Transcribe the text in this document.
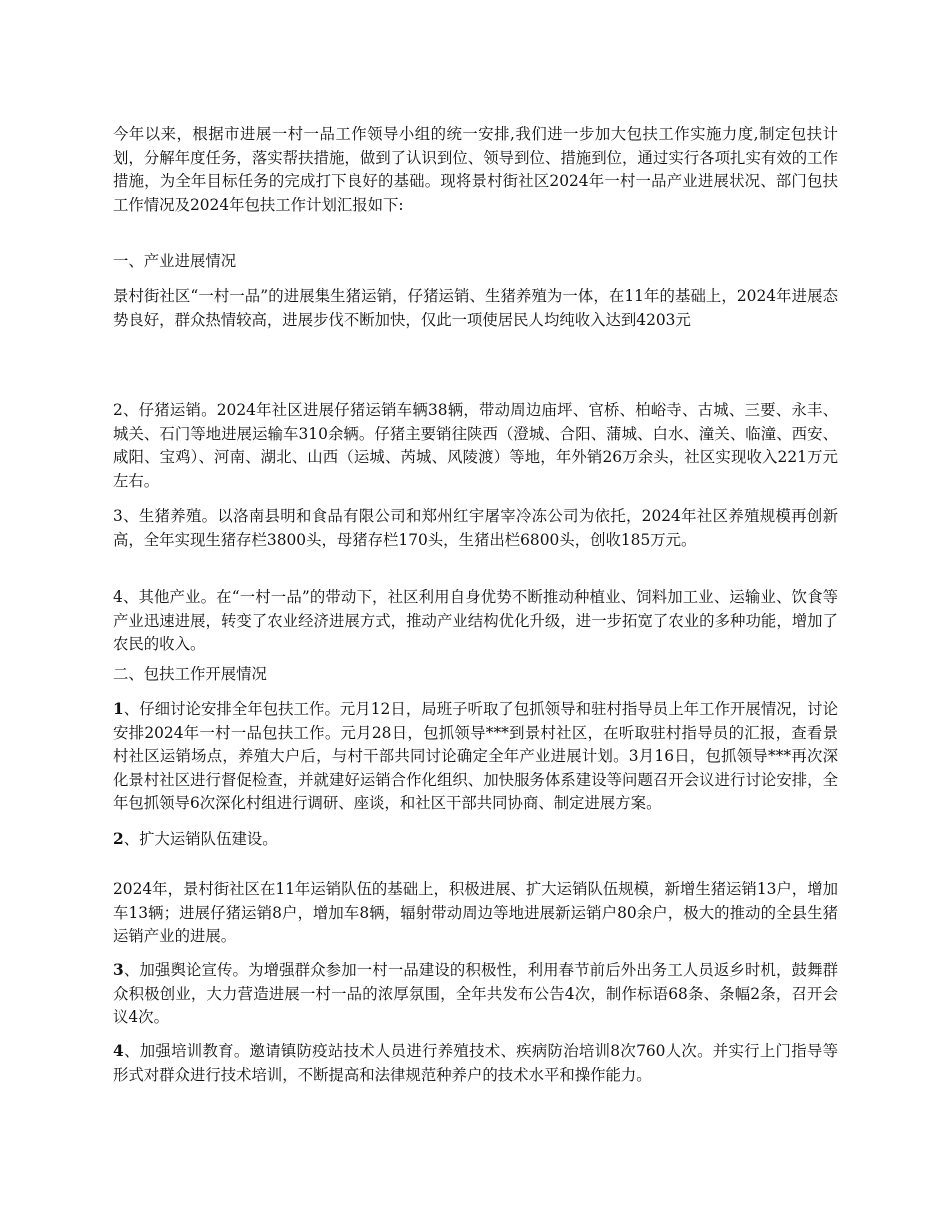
今年以来，根据市进展一村一品工作领导小组的统一安排,我们进一步加大包扶工作实施力度,制定包扶计划，分解年度任务，落实帮扶措施，做到了认识到位、领导到位、措施到位，通过实行各项扎实有效的工作措施，为全年目标任务的完成打下良好的基础。现将景村街社区2024年一村一品产业进展状况、部门包扶工作情况及2024年包扶工作计划汇报如下:

一、产业进展情况

景村街社区“一村一品”的进展集生猪运销，仔猪运销、生猪养殖为一体，在11年的基础上，2024年进展态势良好，群众热情较高，进展步伐不断加快，仅此一项使居民人均纯收入达到4203元

2、仔猪运销。2024年社区进展仔猪运销车辆38辆，带动周边庙坪、官桥、柏峪寺、古城、三要、永丰、城关、石门等地进展运输车310余辆。仔猪主要销往陕西（澄城、合阳、蒲城、白水、潼关、临潼、西安、咸阳、宝鸡）、河南、湖北、山西（运城、芮城、风陵渡）等地，年外销26万余头，社区实现收入221万元左右。

3、生猪养殖。以洛南县明和食品有限公司和郑州红宇屠宰冷冻公司为依托，2024年社区养殖规模再创新高，全年实现生猪存栏3800头，母猪存栏170头，生猪出栏6800头，创收185万元。

4、其他产业。在“一村一品”的带动下，社区利用自身优势不断推动种植业、饲料加工业、运输业、饮食等产业迅速进展，转变了农业经济进展方式，推动产业结构优化升级，进一步拓宽了农业的多种功能，增加了农民的收入。

二、包扶工作开展情况

1、仔细讨论安排全年包扶工作。元月12日，局班子听取了包抓领导和驻村指导员上年工作开展情况，讨论安排2024年一村一品包扶工作。元月28日，包抓领导***到景村社区，在听取驻村指导员的汇报，查看景村社区运销场点，养殖大户后，与村干部共同讨论确定全年产业进展计划。3月16日，包抓领导***再次深化景村社区进行督促检查，并就建好运销合作化组织、加快服务体系建设等问题召开会议进行讨论安排，全年包抓领导6次深化村组进行调研、座谈，和社区干部共同协商、制定进展方案。

2、扩大运销队伍建设。

2024年，景村街社区在11年运销队伍的基础上，积极进展、扩大运销队伍规模，新增生猪运销13户，增加车13辆；进展仔猪运销8户，增加车8辆，辐射带动周边等地进展新运销户80余户，极大的推动的全县生猪运销产业的进展。

3、加强舆论宣传。为增强群众参加一村一品建设的积极性，利用春节前后外出务工人员返乡时机，鼓舞群众积极创业，大力营造进展一村一品的浓厚氛围，全年共发布公告4次，制作标语68条、条幅2条，召开会议4次。

4、加强培训教育。邀请镇防疫站技术人员进行养殖技术、疾病防治培训8次760人次。并实行上门指导等形式对群众进行技术培训，不断提高和法律规范种养户的技术水平和操作能力。
